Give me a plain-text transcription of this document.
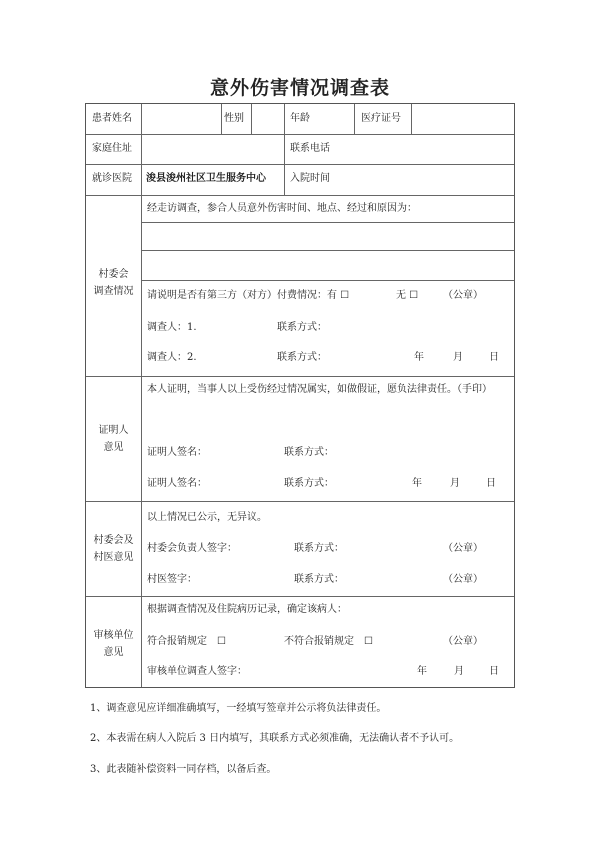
意外伤害情况调查表
患者姓名	性别	年龄	医疗证号
家庭住址	联系电话
就诊医院 浚县浚州社区卫生服务中心 入院时间
村委会
调查情况
经走访调查，参合人员意外伤害时间、地点、经过和原因为：
请说明是否有第三方（对方）付费情况：有 ☐	无 ☐ （公章）
调查人：1.	联系方式：
调查人：2.	联系方式：	年	月	日
证明人
意见
本人证明，当事人以上受伤经过情况属实，如做假证，愿负法律责任。（手印）
证明人签名：	联系方式：
证明人签名：	联系方式：	年	月	日
村委会及
村医意见
以上情况已公示，无异议。
村委会负责人签字：	联系方式：	（公章）
村医签字：	联系方式：	（公章）
审核单位
意见
根据调查情况及住院病历记录，确定该病人：
符合报销规定　☐	不符合报销规定　☐	（公章）
审核单位调查人签字：	年	月	日
1、调查意见应详细准确填写，一经填写签章并公示将负法律责任。
2、本表需在病人入院后 3 日内填写，其联系方式必须准确，无法确认者不予认可。
3、此表随补偿资料一同存档，以备后查。
